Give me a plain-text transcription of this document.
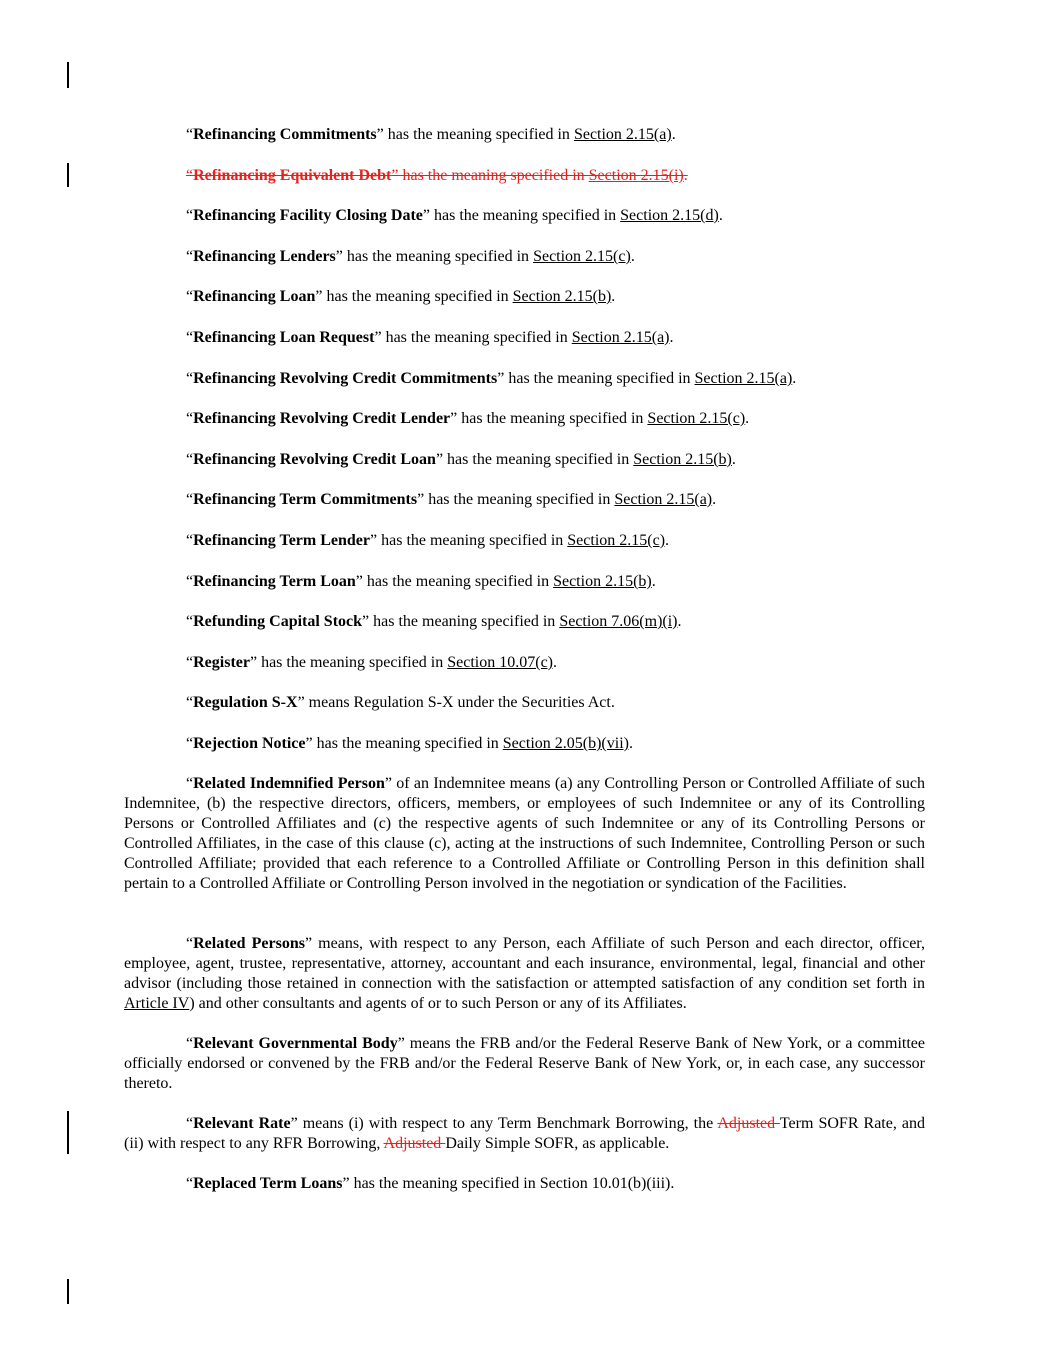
“Refinancing Commitments” has the meaning specified in Section 2.15(a).

“Refinancing Equivalent Debt” has the meaning specified in Section 2.15(i).

“Refinancing Facility Closing Date” has the meaning specified in Section 2.15(d).

“Refinancing Lenders” has the meaning specified in Section 2.15(c).

“Refinancing Loan” has the meaning specified in Section 2.15(b).

“Refinancing Loan Request” has the meaning specified in Section 2.15(a).

“Refinancing Revolving Credit Commitments” has the meaning specified in Section 2.15(a).

“Refinancing Revolving Credit Lender” has the meaning specified in Section 2.15(c).

“Refinancing Revolving Credit Loan” has the meaning specified in Section 2.15(b).

“Refinancing Term Commitments” has the meaning specified in Section 2.15(a).

“Refinancing Term Lender” has the meaning specified in Section 2.15(c).

“Refinancing Term Loan” has the meaning specified in Section 2.15(b).

“Refunding Capital Stock” has the meaning specified in Section 7.06(m)(i).

“Register” has the meaning specified in Section 10.07(c).

“Regulation S-X” means Regulation S-X under the Securities Act.

“Rejection Notice” has the meaning specified in Section 2.05(b)(vii).

“Related Indemnified Person” of an Indemnitee means (a) any Controlling Person or Controlled Affiliate of such Indemnitee, (b) the respective directors, officers, members, or employees of such Indemnitee or any of its Controlling Persons or Controlled Affiliates and (c) the respective agents of such Indemnitee or any of its Controlling Persons or Controlled Affiliates, in the case of this clause (c), acting at the instructions of such Indemnitee, Controlling Person or such Controlled Affiliate; provided that each reference to a Controlled Affiliate or Controlling Person in this definition shall pertain to a Controlled Affiliate or Controlling Person involved in the negotiation or syndication of the Facilities.

“Related Persons” means, with respect to any Person, each Affiliate of such Person and each director, officer, employee, agent, trustee, representative, attorney, accountant and each insurance, environmental, legal, financial and other advisor (including those retained in connection with the satisfaction or attempted satisfaction of any condition set forth in Article IV) and other consultants and agents of or to such Person or any of its Affiliates.

“Relevant Governmental Body” means the FRB and/or the Federal Reserve Bank of New York, or a committee officially endorsed or convened by the FRB and/or the Federal Reserve Bank of New York, or, in each case, any successor thereto.

“Relevant Rate” means (i) with respect to any Term Benchmark Borrowing, the Adjusted Term SOFR Rate, and (ii) with respect to any RFR Borrowing, Adjusted Daily Simple SOFR, as applicable.

“Replaced Term Loans” has the meaning specified in Section 10.01(b)(iii).
